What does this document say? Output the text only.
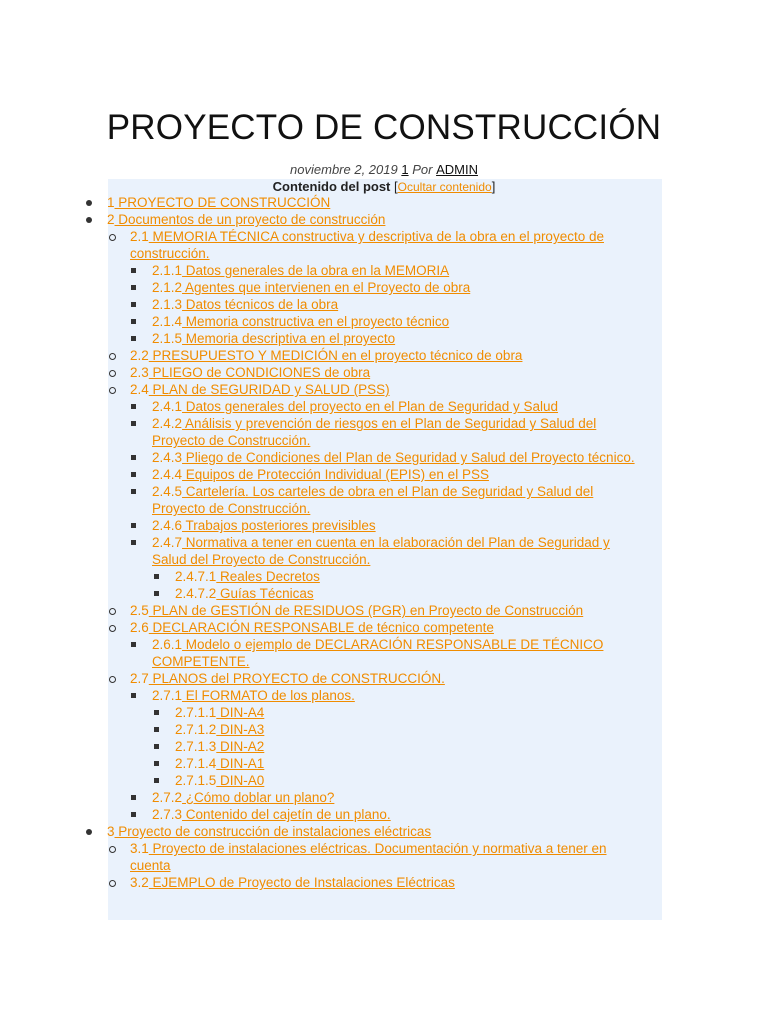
PROYECTO DE CONSTRUCCIÓN
noviembre 2, 2019 1 Por ADMIN
Contenido del post [Ocultar contenido]
1 PROYECTO DE CONSTRUCCIÓN
2 Documentos de un proyecto de construcción
2.1 MEMORIA TÉCNICA constructiva y descriptiva de la obra en el proyecto de construcción.
2.1.1 Datos generales de la obra en la MEMORIA
2.1.2 Agentes que intervienen en el Proyecto de obra
2.1.3 Datos técnicos de la obra
2.1.4 Memoria constructiva en el proyecto técnico
2.1.5 Memoria descriptiva en el proyecto
2.2 PRESUPUESTO Y MEDICIÓN en el proyecto técnico de obra
2.3 PLIEGO de CONDICIONES de obra
2.4 PLAN de SEGURIDAD y SALUD (PSS)
2.4.1 Datos generales del proyecto en el Plan de Seguridad y Salud
2.4.2 Análisis y prevención de riesgos en el Plan de Seguridad y Salud del Proyecto de Construcción.
2.4.3 Pliego de Condiciones del Plan de Seguridad y Salud del Proyecto técnico.
2.4.4 Equipos de Protección Individual (EPIS) en el PSS
2.4.5 Cartelería. Los carteles de obra en el Plan de Seguridad y Salud del Proyecto de Construcción.
2.4.6 Trabajos posteriores previsibles
2.4.7 Normativa a tener en cuenta en la elaboración del Plan de Seguridad y Salud del Proyecto de Construcción.
2.4.7.1 Reales Decretos
2.4.7.2 Guías Técnicas
2.5 PLAN de GESTIÓN de RESIDUOS (PGR) en Proyecto de Construcción
2.6 DECLARACIÓN RESPONSABLE de técnico competente
2.6.1 Modelo o ejemplo de DECLARACIÓN RESPONSABLE DE TÉCNICO COMPETENTE.
2.7 PLANOS del PROYECTO de CONSTRUCCIÓN.
2.7.1 El FORMATO de los planos.
2.7.1.1 DIN-A4
2.7.1.2 DIN-A3
2.7.1.3 DIN-A2
2.7.1.4 DIN-A1
2.7.1.5 DIN-A0
2.7.2 ¿Cómo doblar un plano?
2.7.3 Contenido del cajetín de un plano.
3 Proyecto de construcción de instalaciones eléctricas
3.1 Proyecto de instalaciones eléctricas. Documentación y normativa a tener en cuenta
3.2 EJEMPLO de Proyecto de Instalaciones Eléctricas
